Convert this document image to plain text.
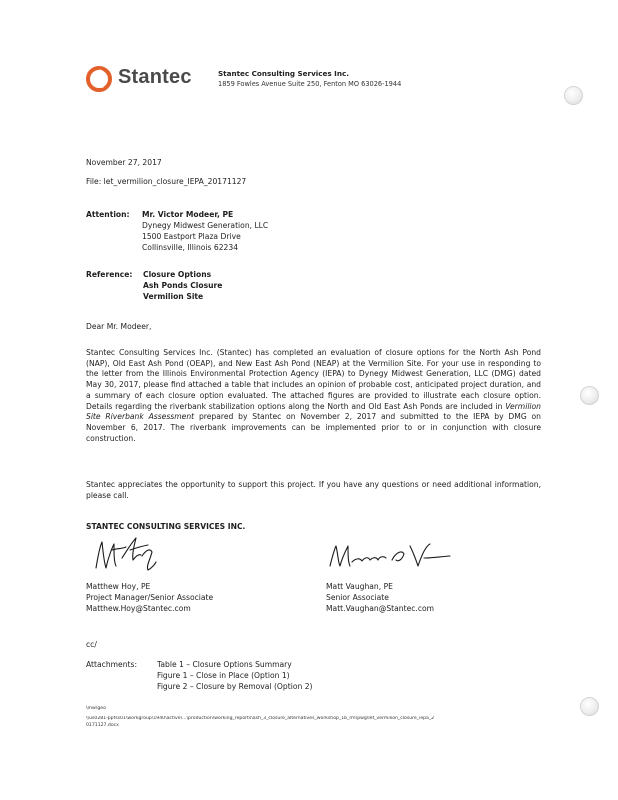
Stantec	Stantec Consulting Services Inc.
1859 Fowles Avenue Suite 250, Fenton MO 63026-1944
November 27, 2017
File: let_vermilion_closure_IEPA_20171127
Attention: Mr. Victor Modeer, PE
Dynegy Midwest Generation, LLC
1500 Eastport Plaza Drive
Collinsville, Illinois 62234
Reference: Closure Options
Ash Ponds Closure
Vermilion Site
Dear Mr. Modeer,
Stantec Consulting Services Inc. (Stantec) has completed an evaluation of closure options for the North Ash Pond (NAP), Old East Ash Pond (OEAP), and New East Ash Pond (NEAP) at the Vermilion Site. For your use in responding to the letter from the Illinois Environmental Protection Agency (IEPA) to Dynegy Midwest Generation, LLC (DMG) dated May 30, 2017, please find attached a table that includes an opinion of probable cost, anticipated project duration, and a summary of each closure option evaluated. The attached figures are provided to illustrate each closure option. Details regarding the riverbank stabilization options along the North and Old East Ash Ponds are included in Vermilion Site Riverbank Assessment prepared by Stantec on November 2, 2017 and submitted to the IEPA by DMG on November 6, 2017. The riverbank improvements can be implemented prior to or in conjunction with closure construction.
Stantec appreciates the opportunity to support this project. If you have any questions or need additional information, please call.
STANTEC CONSULTING SERVICES INC.
Matthew Hoy, PE
Project Manager/Senior Associate
Matthew.Hoy@Stantec.com
Matt Vaughan, PE
Senior Associate
Matt.Vaughan@Stantec.com
cc/
Attachments:	Table 1 – Closure Options Summary
Figure 1 – Close in Place (Option 1)
Figure 2 – Closure by Removal (Option 2)
\mw\geo
\\us0281-ppfss01\workgroup\1940\active\...\production\working_reports\ash_3_closure_alternatives_workshop_1b_rm\pwg\let_vermilion_closure_iepa_2
0171127.docx
